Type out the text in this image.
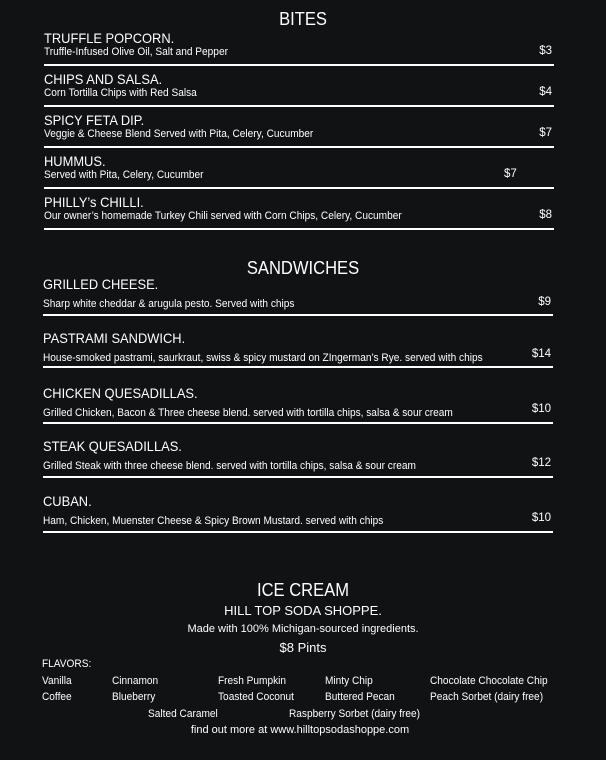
BITES
TRUFFLE POPCORN.
Truffle-Infused Olive Oil, Salt and Pepper	$3
CHIPS AND SALSA.
Corn Tortilla Chips with Red Salsa	$4
SPICY FETA DIP.
Veggie & Cheese Blend Served with Pita, Celery, Cucumber	$7
HUMMUS.
Served with Pita, Celery, Cucumber	$7
PHILLY’s CHILLI.
Our owner’s homemade Turkey Chili served with Corn Chips, Celery, Cucumber	$8
SANDWICHES
GRILLED CHEESE.
Sharp white cheddar & arugula pesto. Served with chips	$9
PASTRAMI SANDWICH.
House-smoked pastrami, saurkraut, swiss & spicy mustard on ZIngerman’s Rye. served with chips	$14
CHICKEN QUESADILLAS.
Grilled Chicken, Bacon & Three cheese blend. served with tortilla chips, salsa & sour cream	$10
STEAK QUESADILLAS.
Grilled Steak with three cheese blend. served with tortilla chips, salsa & sour cream	$12
CUBAN.
Ham, Chicken, Muenster Cheese & Spicy Brown Mustard. served with chips	$10
ICE CREAM
HILL TOP SODA SHOPPE.
Made with 100% Michigan-sourced ingredients.
$8 Pints
FLAVORS:
Vanilla	Cinnamon	Fresh Pumpkin	Minty Chip	Chocolate Chocolate Chip
Coffee	Blueberry	Toasted Coconut	Buttered Pecan	Peach Sorbet (dairy free)
Salted Caramel	Raspberry Sorbet (dairy free)
find out more at www.hilltopsodashoppe.com
